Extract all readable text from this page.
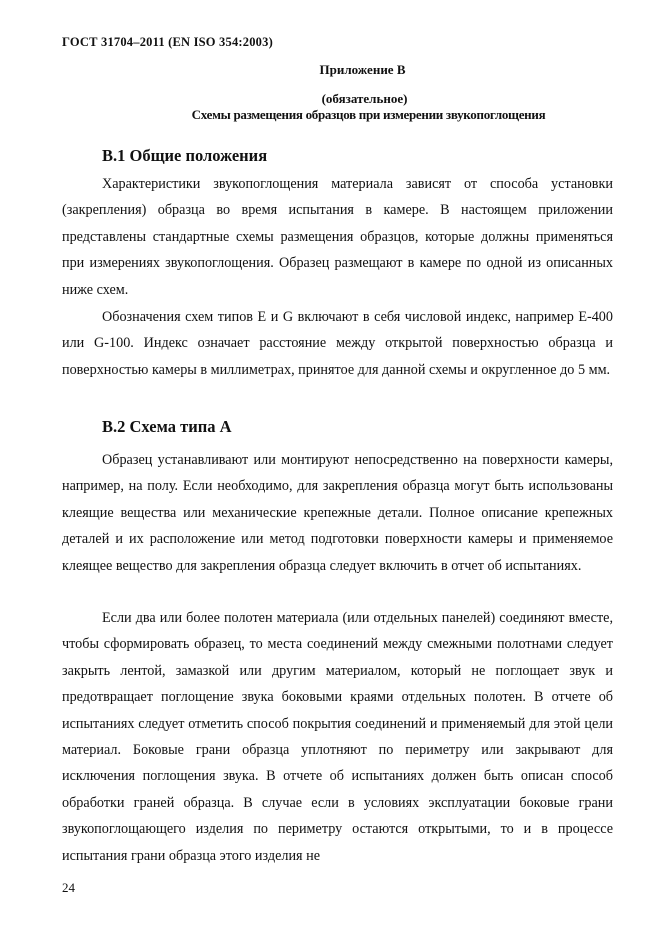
ГОСТ 31704–2011 (EN ISO 354:2003)
Приложение В
(обязательное)
Схемы размещения образцов при измерении звукопоглощения
В.1 Общие положения

Характеристики звукопоглощения материала зависят от способа установки (закрепления) образца во время испытания в камере. В настоящем приложении представлены стандартные схемы размещения образцов, которые должны применяться при измерениях звукопоглощения. Образец размещают в камере по одной из описанных ниже схем.

Обозначения схем типов Е и G включают в себя числовой индекс, например Е-400 или G-100. Индекс означает расстояние между открытой поверхностью образца и поверхностью камеры в миллиметрах, принятое для данной схемы и округленное до 5 мм.

В.2 Схема типа А

Образец устанавливают или монтируют непосредственно на поверхности камеры, например, на полу. Если необходимо, для закрепления образца могут быть использованы клеящие вещества или механические крепежные детали. Полное описание крепежных деталей и их расположение или метод подготовки поверхности камеры и применяемое клеящее вещество для закрепления образца следует включить в отчет об испытаниях.

Если два или более полотен материала (или отдельных панелей) соединяют вместе, чтобы сформировать образец, то места соединений между смежными полотнами следует закрыть лентой, замазкой или другим материалом, который не поглощает звук и предотвращает поглощение звука боковыми краями отдельных полотен. В отчете об испытаниях следует отметить способ покрытия соединений и применяемый для этой цели материал. Боковые грани образца уплотняют по периметру или закрывают для исключения поглощения звука. В отчете об испытаниях должен быть описан способ обработки граней образца. В случае если в условиях эксплуатации боковые грани звукопоглощающего изделия по периметру остаются открытыми, то и в процессе испытания грани образца этого изделия не

24
